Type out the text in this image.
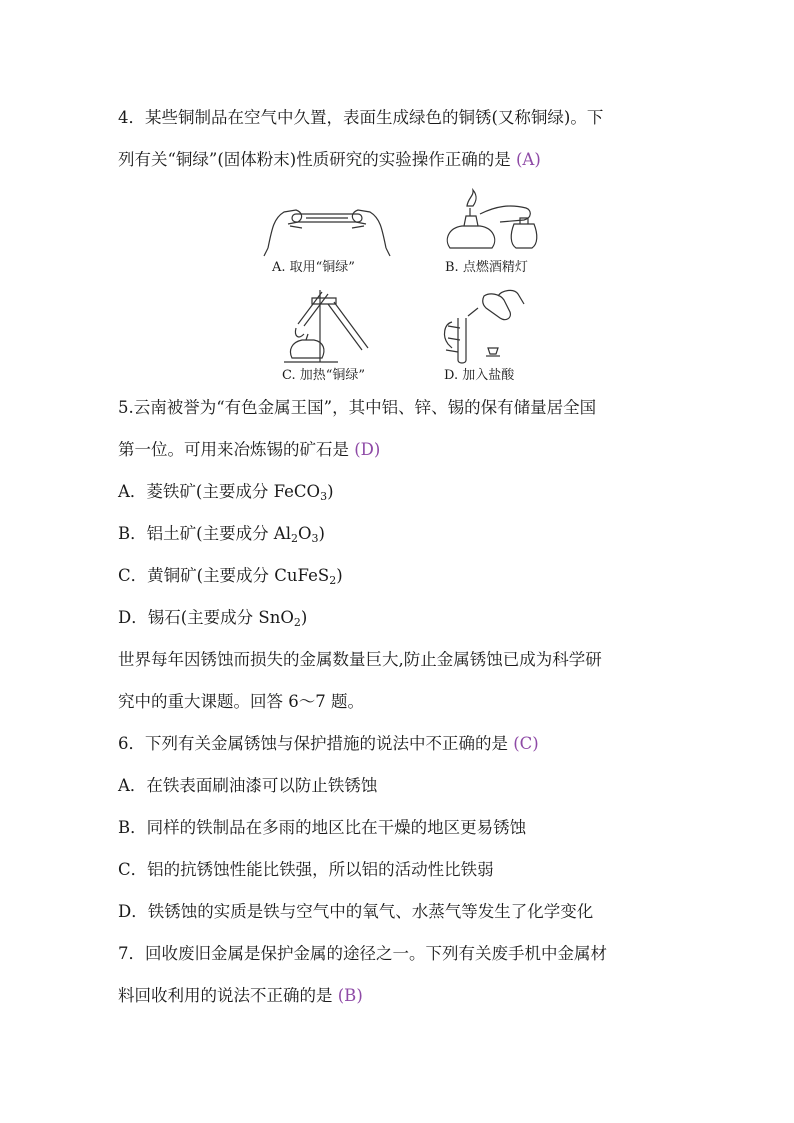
4．某些铜制品在空气中久置，表面生成绿色的铜锈(又称铜绿)。下
列有关“铜绿”(固体粉末)性质研究的实验操作正确的是 (A)
A. 取用“铜绿”	B. 点燃酒精灯
C. 加热“铜绿”	D. 加入盐酸
5.云南被誉为“有色金属王国”，其中铝、锌、锡的保有储量居全国
第一位。可用来冶炼锡的矿石是 (D)
A．菱铁矿(主要成分 FeCO$_3$)
B．铝土矿(主要成分 $Al_2O_3$)
C．黄铜矿(主要成分 CuFeS$_2$)
D．锡石(主要成分 SnO$_2$)
世界每年因锈蚀而损失的金属数量巨大,防止金属锈蚀已成为科学研
究中的重大课题。回答 6～7 题。
6．下列有关金属锈蚀与保护措施的说法中不正确的是 (C)
A．在铁表面刷油漆可以防止铁锈蚀
B．同样的铁制品在多雨的地区比在干燥的地区更易锈蚀
C．铝的抗锈蚀性能比铁强，所以铝的活动性比铁弱
D．铁锈蚀的实质是铁与空气中的氧气、水蒸气等发生了化学变化
7．回收废旧金属是保护金属的途径之一。下列有关废手机中金属材
料回收利用的说法不正确的是 (B)
